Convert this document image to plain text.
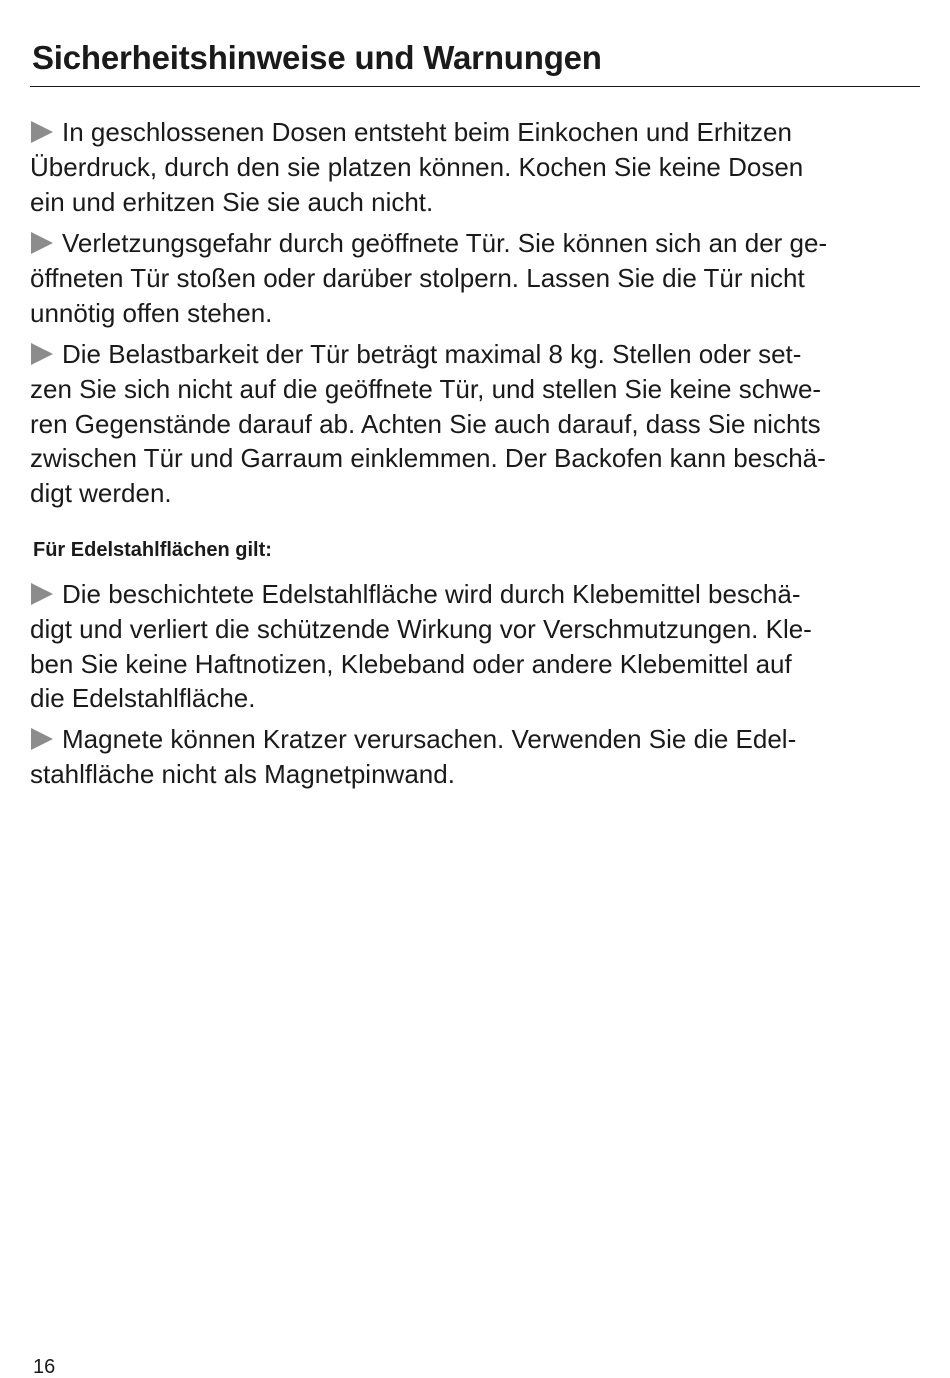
Sicherheitshinweise und Warnungen

In geschlossenen Dosen entsteht beim Einkochen und Erhitzen
Überdruck, durch den sie platzen können. Kochen Sie keine Dosen
ein und erhitzen Sie sie auch nicht.

Verletzungsgefahr durch geöffnete Tür. Sie können sich an der ge-
öffneten Tür stoßen oder darüber stolpern. Lassen Sie die Tür nicht
unnötig offen stehen.

Die Belastbarkeit der Tür beträgt maximal 8 kg. Stellen oder set-
zen Sie sich nicht auf die geöffnete Tür, und stellen Sie keine schwe-
ren Gegenstände darauf ab. Achten Sie auch darauf, dass Sie nichts
zwischen Tür und Garraum einklemmen. Der Backofen kann beschä-
digt werden.

Für Edelstahlflächen gilt:

Die beschichtete Edelstahlfläche wird durch Klebemittel beschä-
digt und verliert die schützende Wirkung vor Verschmutzungen. Kle-
ben Sie keine Haftnotizen, Klebeband oder andere Klebemittel auf
die Edelstahlfläche.

Magnete können Kratzer verursachen. Verwenden Sie die Edel-
stahlfläche nicht als Magnetpinwand.

16
